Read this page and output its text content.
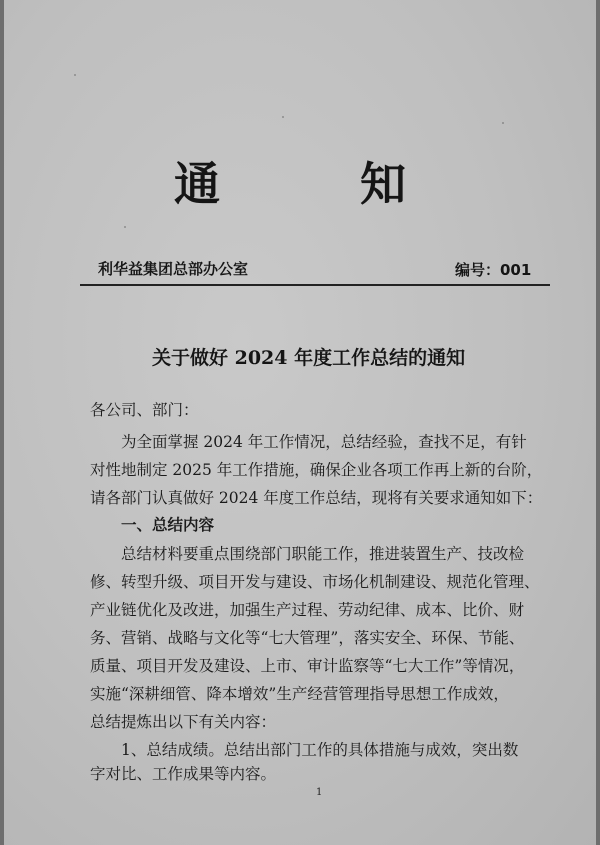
通	知
利华益集团总部办公室	编号：001
关于做好 2024 年度工作总结的通知
各公司、部门：
为全面掌握 2024 年工作情况，总结经验，查找不足，有针
对性地制定 2025 年工作措施，确保企业各项工作再上新的台阶，
请各部门认真做好 2024 年度工作总结，现将有关要求通知如下：
一、总结内容
总结材料要重点围绕部门职能工作，推进装置生产、技改检
修、转型升级、项目开发与建设、市场化机制建设、规范化管理、
产业链优化及改进，加强生产过程、劳动纪律、成本、比价、财
务、营销、战略与文化等“七大管理”，落实安全、环保、节能、
质量、项目开发及建设、上市、审计监察等“七大工作”等情况，
实施“深耕细管、降本增效”生产经营管理指导思想工作成效，
总结提炼出以下有关内容：
1、总结成绩。总结出部门工作的具体措施与成效，突出数
字对比、工作成果等内容。
1
